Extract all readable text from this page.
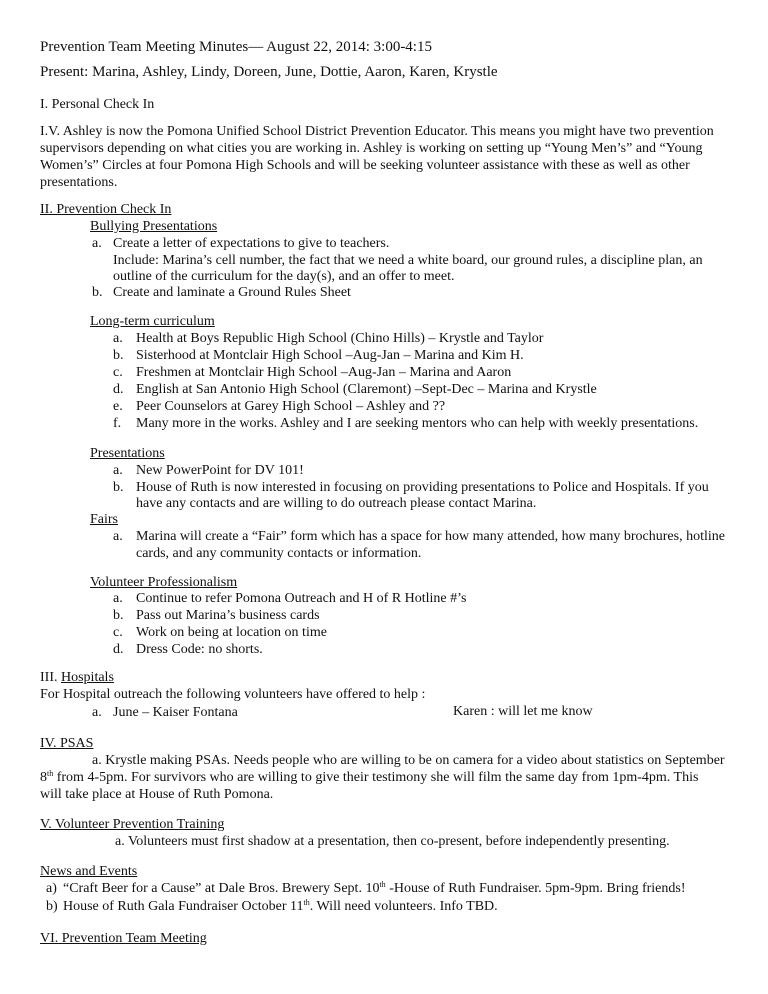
Prevention Team Meeting Minutes— August 22, 2014: 3:00-4:15
Present: Marina, Ashley, Lindy, Doreen, June, Dottie, Aaron, Karen, Krystle
I. Personal Check In
I.V. Ashley is now the Pomona Unified School District Prevention Educator. This means you might have two prevention
supervisors depending on what cities you are working in. Ashley is working on setting up “Young Men’s” and “Young
Women’s” Circles at four Pomona High Schools and will be seeking volunteer assistance with these as well as other
presentations.
II. Prevention Check In
Bullying Presentations
a. Create a letter of expectations to give to teachers.
Include: Marina’s cell number, the fact that we need a white board, our ground rules, a discipline plan, an
outline of the curriculum for the day(s), and an offer to meet.
b. Create and laminate a Ground Rules Sheet
Long-term curriculum
a. Health at Boys Republic High School (Chino Hills) – Krystle and Taylor
b. Sisterhood at Montclair High School –Aug-Jan – Marina and Kim H.
c. Freshmen at Montclair High School –Aug-Jan – Marina and Aaron
d. English at San Antonio High School (Claremont) –Sept-Dec – Marina and Krystle
e. Peer Counselors at Garey High School – Ashley and ??
f. Many more in the works. Ashley and I are seeking mentors who can help with weekly presentations.
Presentations
a. New PowerPoint for DV 101!
b. House of Ruth is now interested in focusing on providing presentations to Police and Hospitals. If you
have any contacts and are willing to do outreach please contact Marina.
Fairs
a. Marina will create a “Fair” form which has a space for how many attended, how many brochures, hotline
cards, and any community contacts or information.
Volunteer Professionalism
a. Continue to refer Pomona Outreach and H of R Hotline #’s
b. Pass out Marina’s business cards
c. Work on being at location on time
d. Dress Code: no shorts.
III. Hospitals
For Hospital outreach the following volunteers have offered to help :
a. June – Kaiser Fontana	Karen : will let me know
IV. PSAS
a. Krystle making PSAs. Needs people who are willing to be on camera for a video about statistics on September
8th from 4-5pm. For survivors who are willing to give their testimony she will film the same day from 1pm-4pm. This
will take place at House of Ruth Pomona.
V. Volunteer Prevention Training
a. Volunteers must first shadow at a presentation, then co-present, before independently presenting.
News and Events
a) “Craft Beer for a Cause” at Dale Bros. Brewery Sept. 10th -House of Ruth Fundraiser. 5pm-9pm. Bring friends!
b) House of Ruth Gala Fundraiser October 11th. Will need volunteers. Info TBD.
VI. Prevention Team Meeting
